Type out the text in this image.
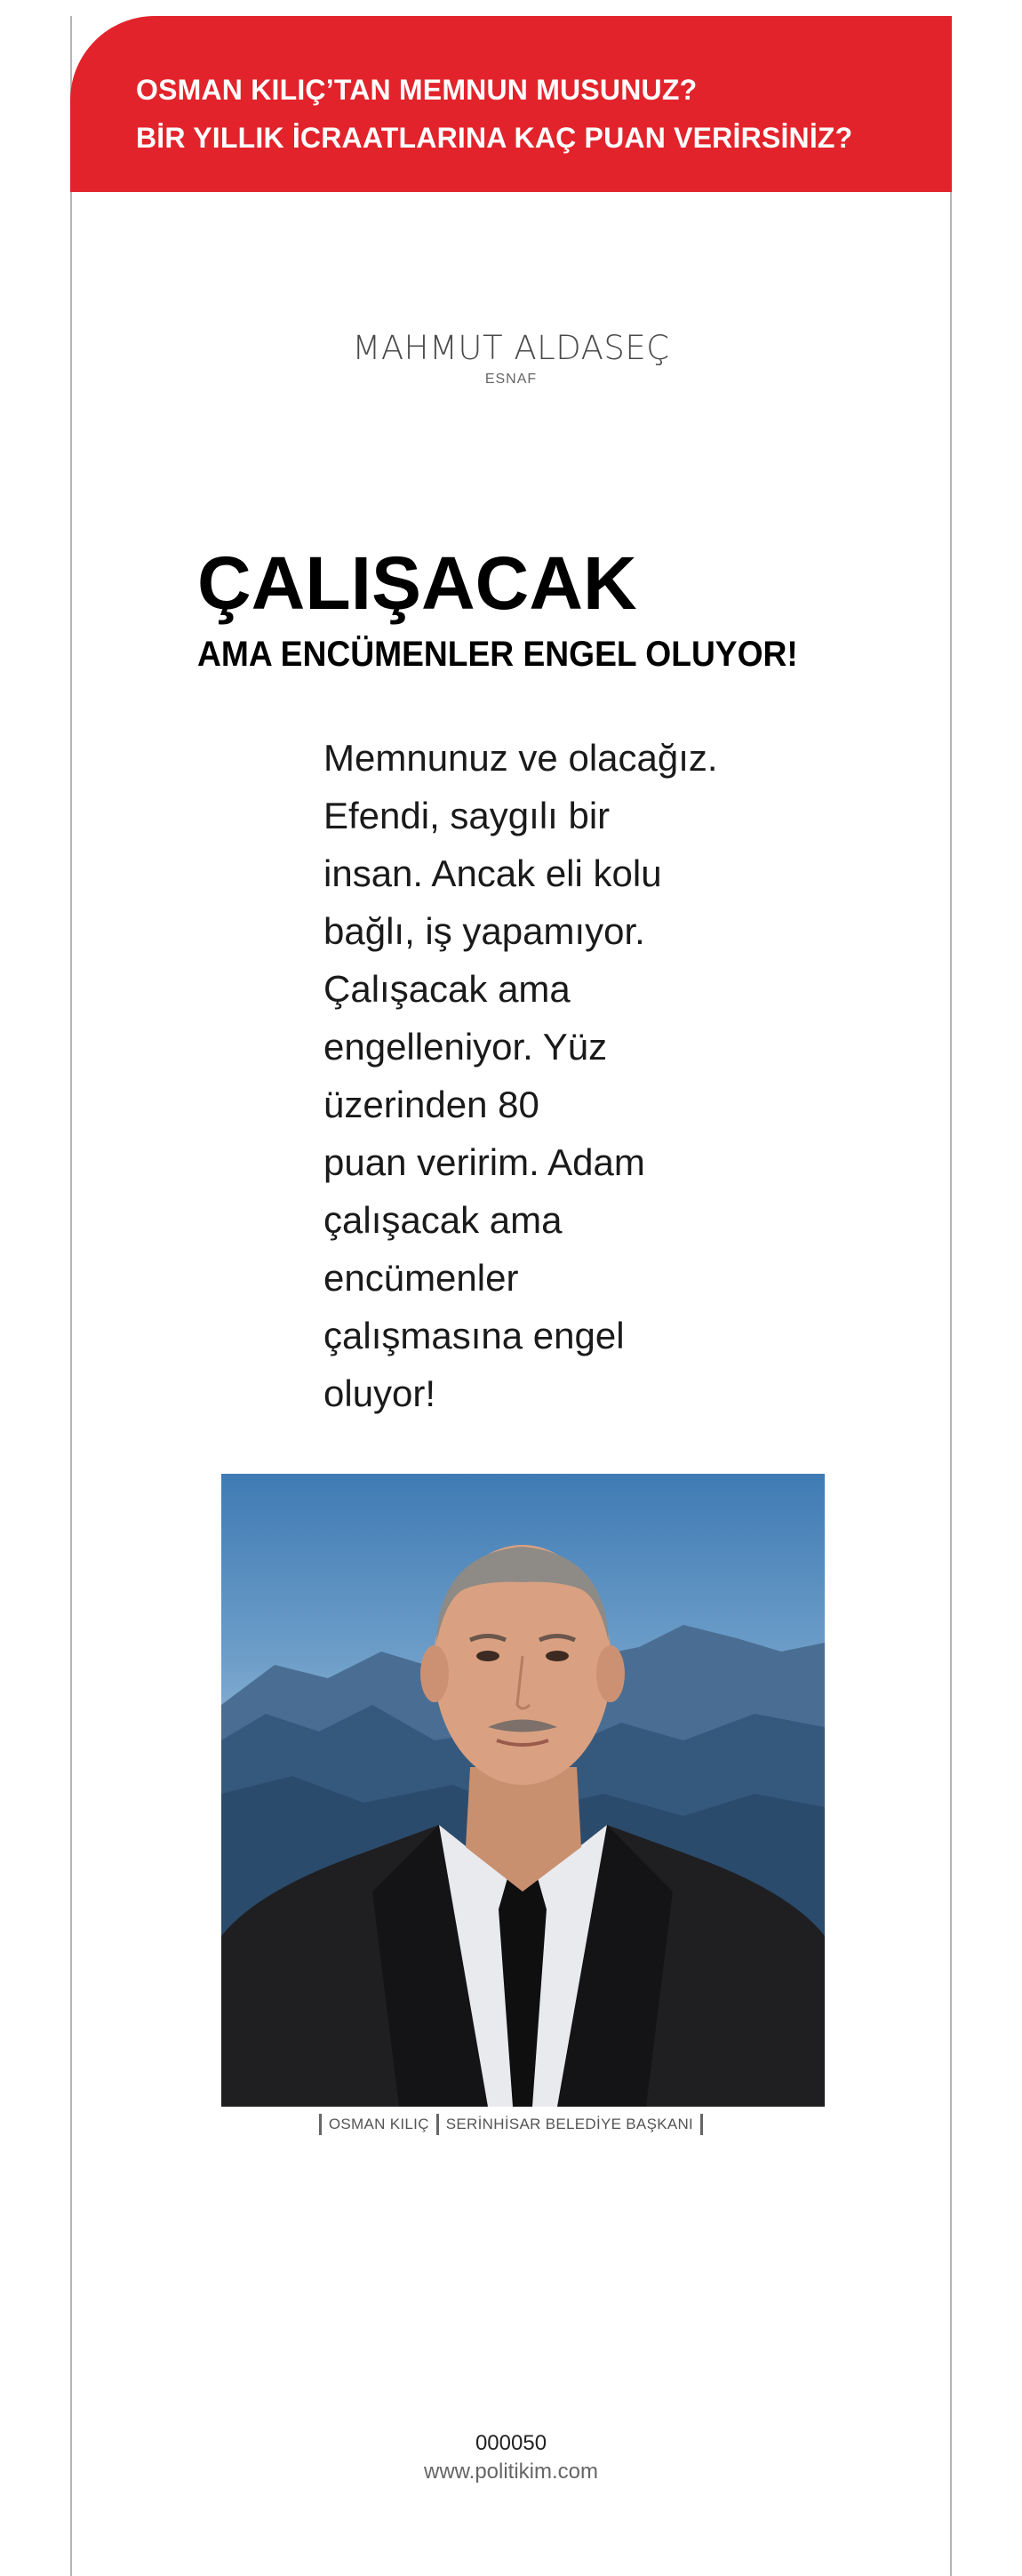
OSMAN KILIÇ’TAN MEMNUN MUSUNUZ?
BİR YILLIK İCRAATLARINA KAÇ PUAN VERİRSİNİZ?
MAHMUT ALDASEÇ
ESNAF
ÇALIŞACAK
AMA ENCÜMENLER ENGEL OLUYOR!
Memnunuz ve olacağız.
Efendi, saygılı bir
insan. Ancak eli kolu
bağlı, iş yapamıyor.
Çalışacak ama
engelleniyor. Yüz
üzerinden 80
puan veririm. Adam
çalışacak ama
encümenler
çalışmasına engel
oluyor!
OSMAN KILIÇ SERİNHİSAR BELEDİYE BAŞKANI
000050
www.politikim.com
